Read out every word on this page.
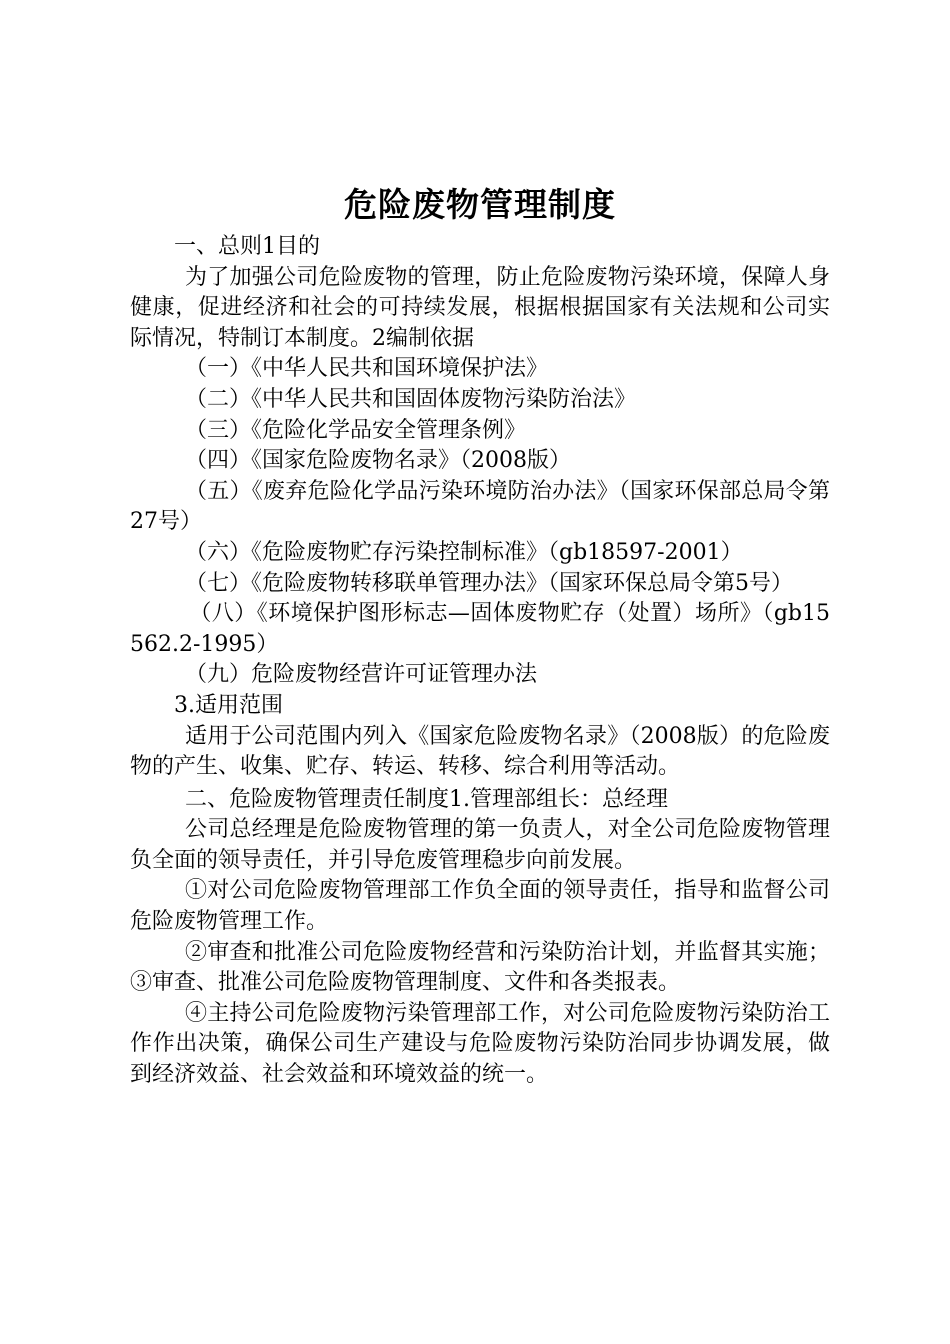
危险废物管理制度

一、总则1目的

为了加强公司危险废物的管理，防止危险废物污染环境，保障人身健康，促进经济和社会的可持续发展，根据根据国家有关法规和公司实际情况，特制订本制度。2编制依据

（一）《中华人民共和国环境保护法》

（二）《中华人民共和国固体废物污染防治法》

（三）《危险化学品安全管理条例》

（四）《国家危险废物名录》（2008版）

（五）《废弃危险化学品污染环境防治办法》（国家环保部总局令第27号）

（六）《危险废物贮存污染控制标准》（gb18597-2001）

（七）《危险废物转移联单管理办法》（国家环保总局令第5号）

（八）《环境保护图形标志—固体废物贮存（处置）场所》（gb15562.2-1995）

（九）危险废物经营许可证管理办法

3.适用范围

适用于公司范围内列入《国家危险废物名录》（2008版）的危险废物的产生、收集、贮存、转运、转移、综合利用等活动。

二、危险废物管理责任制度1.管理部组长：总经理

公司总经理是危险废物管理的第一负责人，对全公司危险废物管理负全面的领导责任，并引导危废管理稳步向前发展。

①对公司危险废物管理部工作负全面的领导责任，指导和监督公司危险废物管理工作。

②审查和批准公司危险废物经营和污染防治计划，并监督其实施；③审查、批准公司危险废物管理制度、文件和各类报表。

④主持公司危险废物污染管理部工作，对公司危险废物污染防治工作作出决策，确保公司生产建设与危险废物污染防治同步协调发展，做到经济效益、社会效益和环境效益的统一。
